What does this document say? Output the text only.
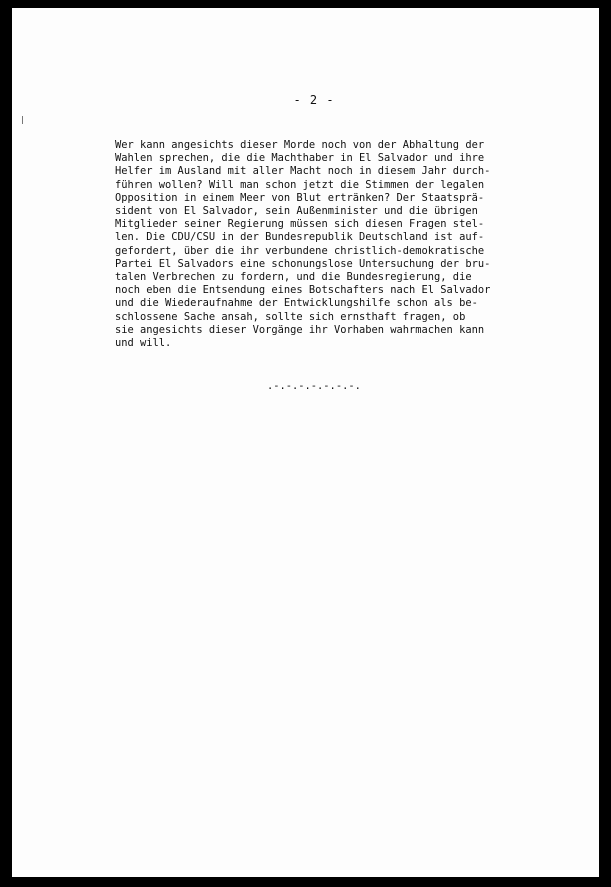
- 2 -
Wer kann angesichts dieser Morde noch von der Abhaltung der
Wahlen sprechen, die die Machthaber in El Salvador und ihre
Helfer im Ausland mit aller Macht noch in diesem Jahr durch-
führen wollen? Will man schon jetzt die Stimmen der legalen
Opposition in einem Meer von Blut ertränken? Der Staatsprä-
sident von El Salvador, sein Außenminister und die übrigen
Mitglieder seiner Regierung müssen sich diesen Fragen stel-
len. Die CDU/CSU in der Bundesrepublik Deutschland ist auf-
gefordert, über die ihr verbundene christlich-demokratische
Partei El Salvadors eine schonungslose Untersuchung der bru-
talen Verbrechen zu fordern, und die Bundesregierung, die
noch eben die Entsendung eines Botschafters nach El Salvador
und die Wiederaufnahme der Entwicklungshilfe schon als be-
schlossene Sache ansah, sollte sich ernsthaft fragen, ob
sie angesichts dieser Vorgänge ihr Vorhaben wahrmachen kann
und will.
.-.-.-.-.-.-.-.
